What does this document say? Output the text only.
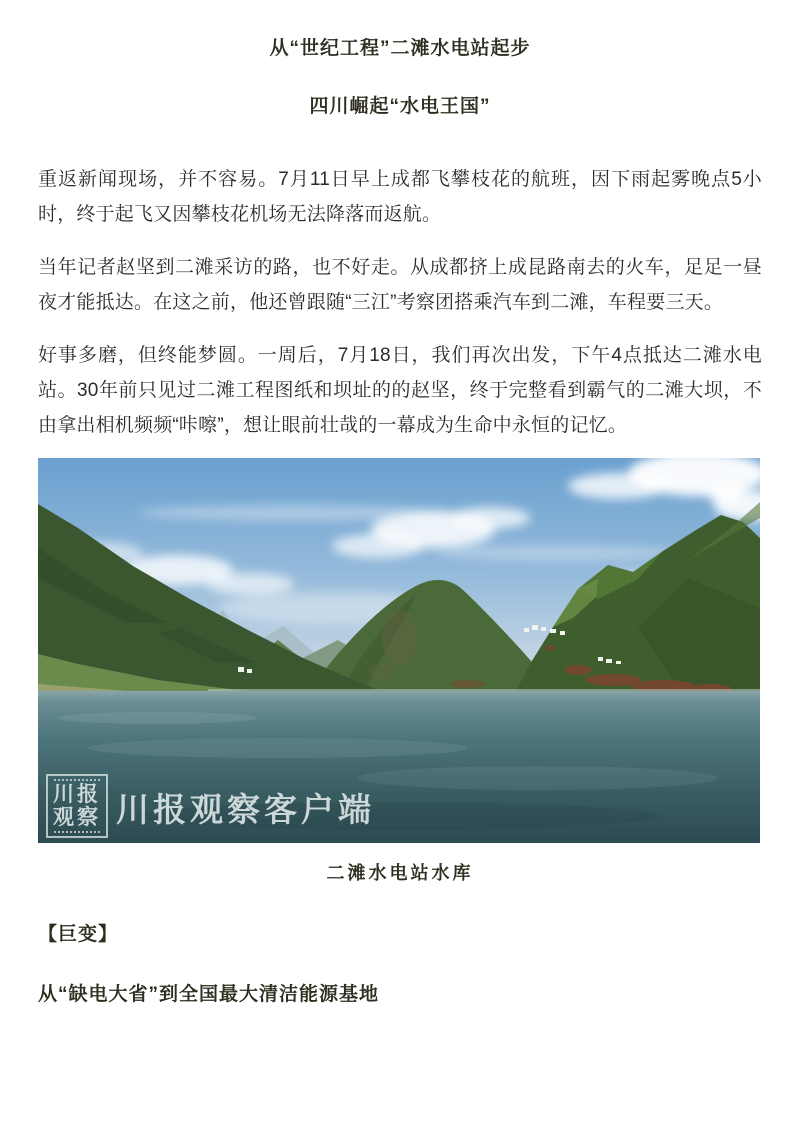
从“世纪工程”二滩水电站起步
四川崛起“水电王国”

重返新闻现场，并不容易。7月11日早上成都飞攀枝花的航班，因下雨起雾晚点5小时，终于起飞又因攀枝花机场无法降落而返航。

当年记者赵坚到二滩采访的路，也不好走。从成都挤上成昆路南去的火车，足足一昼夜才能抵达。在这之前，他还曾跟随“三江”考察团搭乘汽车到二滩，车程要三天。

好事多磨，但终能梦圆。一周后，7月18日，我们再次出发，下午4点抵达二滩水电站。30年前只见过二滩工程图纸和坝址的的赵坚，终于完整看到霸气的二滩大坝，不由拿出相机频频“咔嚓”，想让眼前壮哉的一幕成为生命中永恒的记忆。

川报
观察 川报观察客户端
二滩水电站水库
【巨变】
从“缺电大省”到全国最大清洁能源基地
